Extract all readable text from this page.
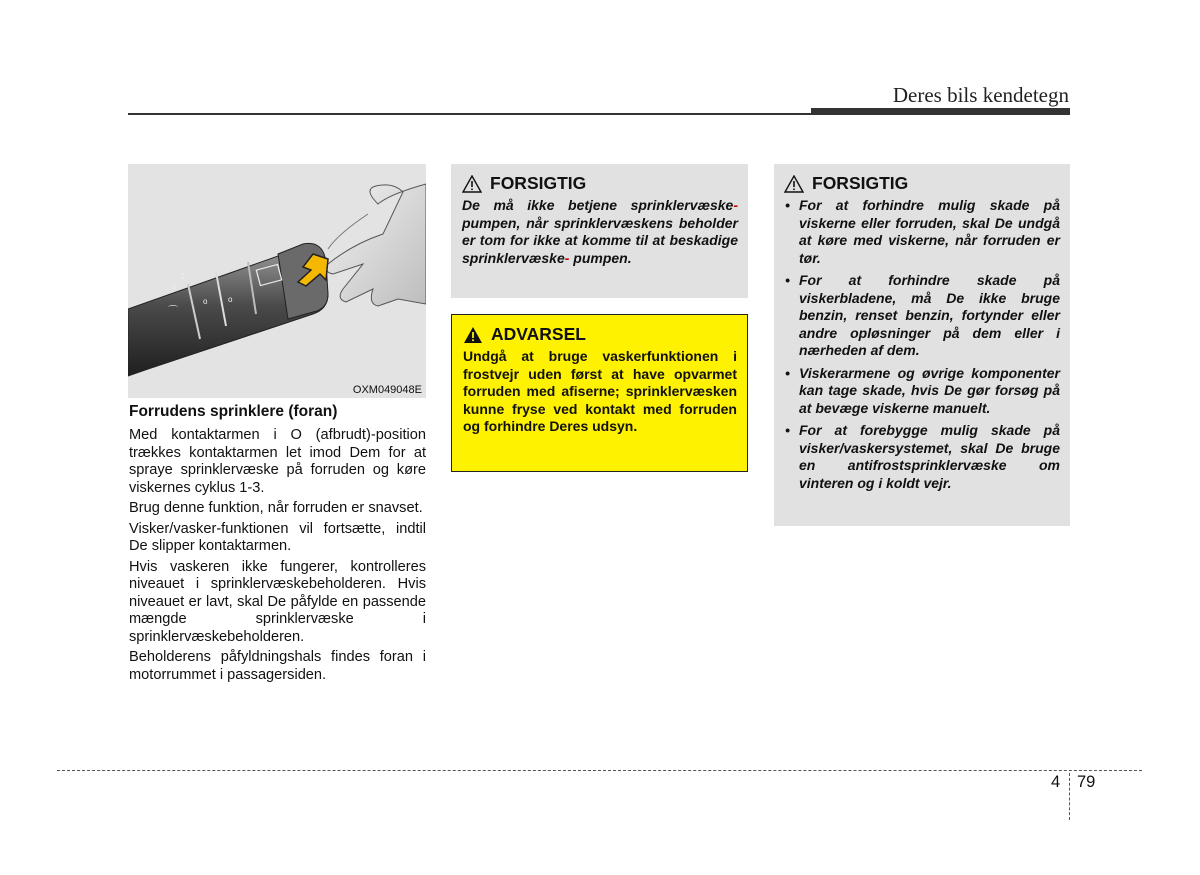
Deres bils kendetegn
⌒
1
2
o	o
OXM049048E
Forrudens sprinklere (foran)

Med kontaktarmen i O (afbrudt)-position trækkes kontaktarmen let imod Dem for at spraye sprinklervæske på forruden og køre viskernes cyklus 1-3.

Brug denne funktion, når forruden er snavset.

Visker/vasker-funktionen vil fortsætte, indtil De slipper kontaktarmen.

Hvis vaskeren ikke fungerer, kontrolleres niveauet i sprinklervæskebeholderen. Hvis niveauet er lavt, skal De påfylde en passende mængde sprinklervæske i sprinklervæskebeholderen.

Beholderens påfyldningshals findes foran i motorrummet i passagersiden.

FORSIGTIG

De må ikke betjene sprinklervæske- pumpen, når sprinklervæskens beholder er tom for ikke at komme til at beskadige sprinklervæske- pumpen.

ADVARSEL

Undgå at bruge vaskerfunktionen i frostvejr uden først at have opvarmet forruden med afiserne; sprinklervæsken kunne fryse ved kontakt med forruden og forhindre Deres udsyn.

FORSIGTIG
• For at forhindre mulig skade på viskerne eller forruden, skal De undgå at køre med viskerne, når forruden er tør.
• For at forhindre skade på viskerbladene, må De ikke bruge benzin, renset benzin, fortynder eller andre opløsninger på dem eller i nærheden af dem.
• Viskerarmene og øvrige komponenter kan tage skade, hvis De gør forsøg på at bevæge viskerne manuelt.
• For at forebygge mulig skade på visker/vaskersystemet, skal De bruge en antifrostsprinklervæske om vinteren og i koldt vejr.
4 79
